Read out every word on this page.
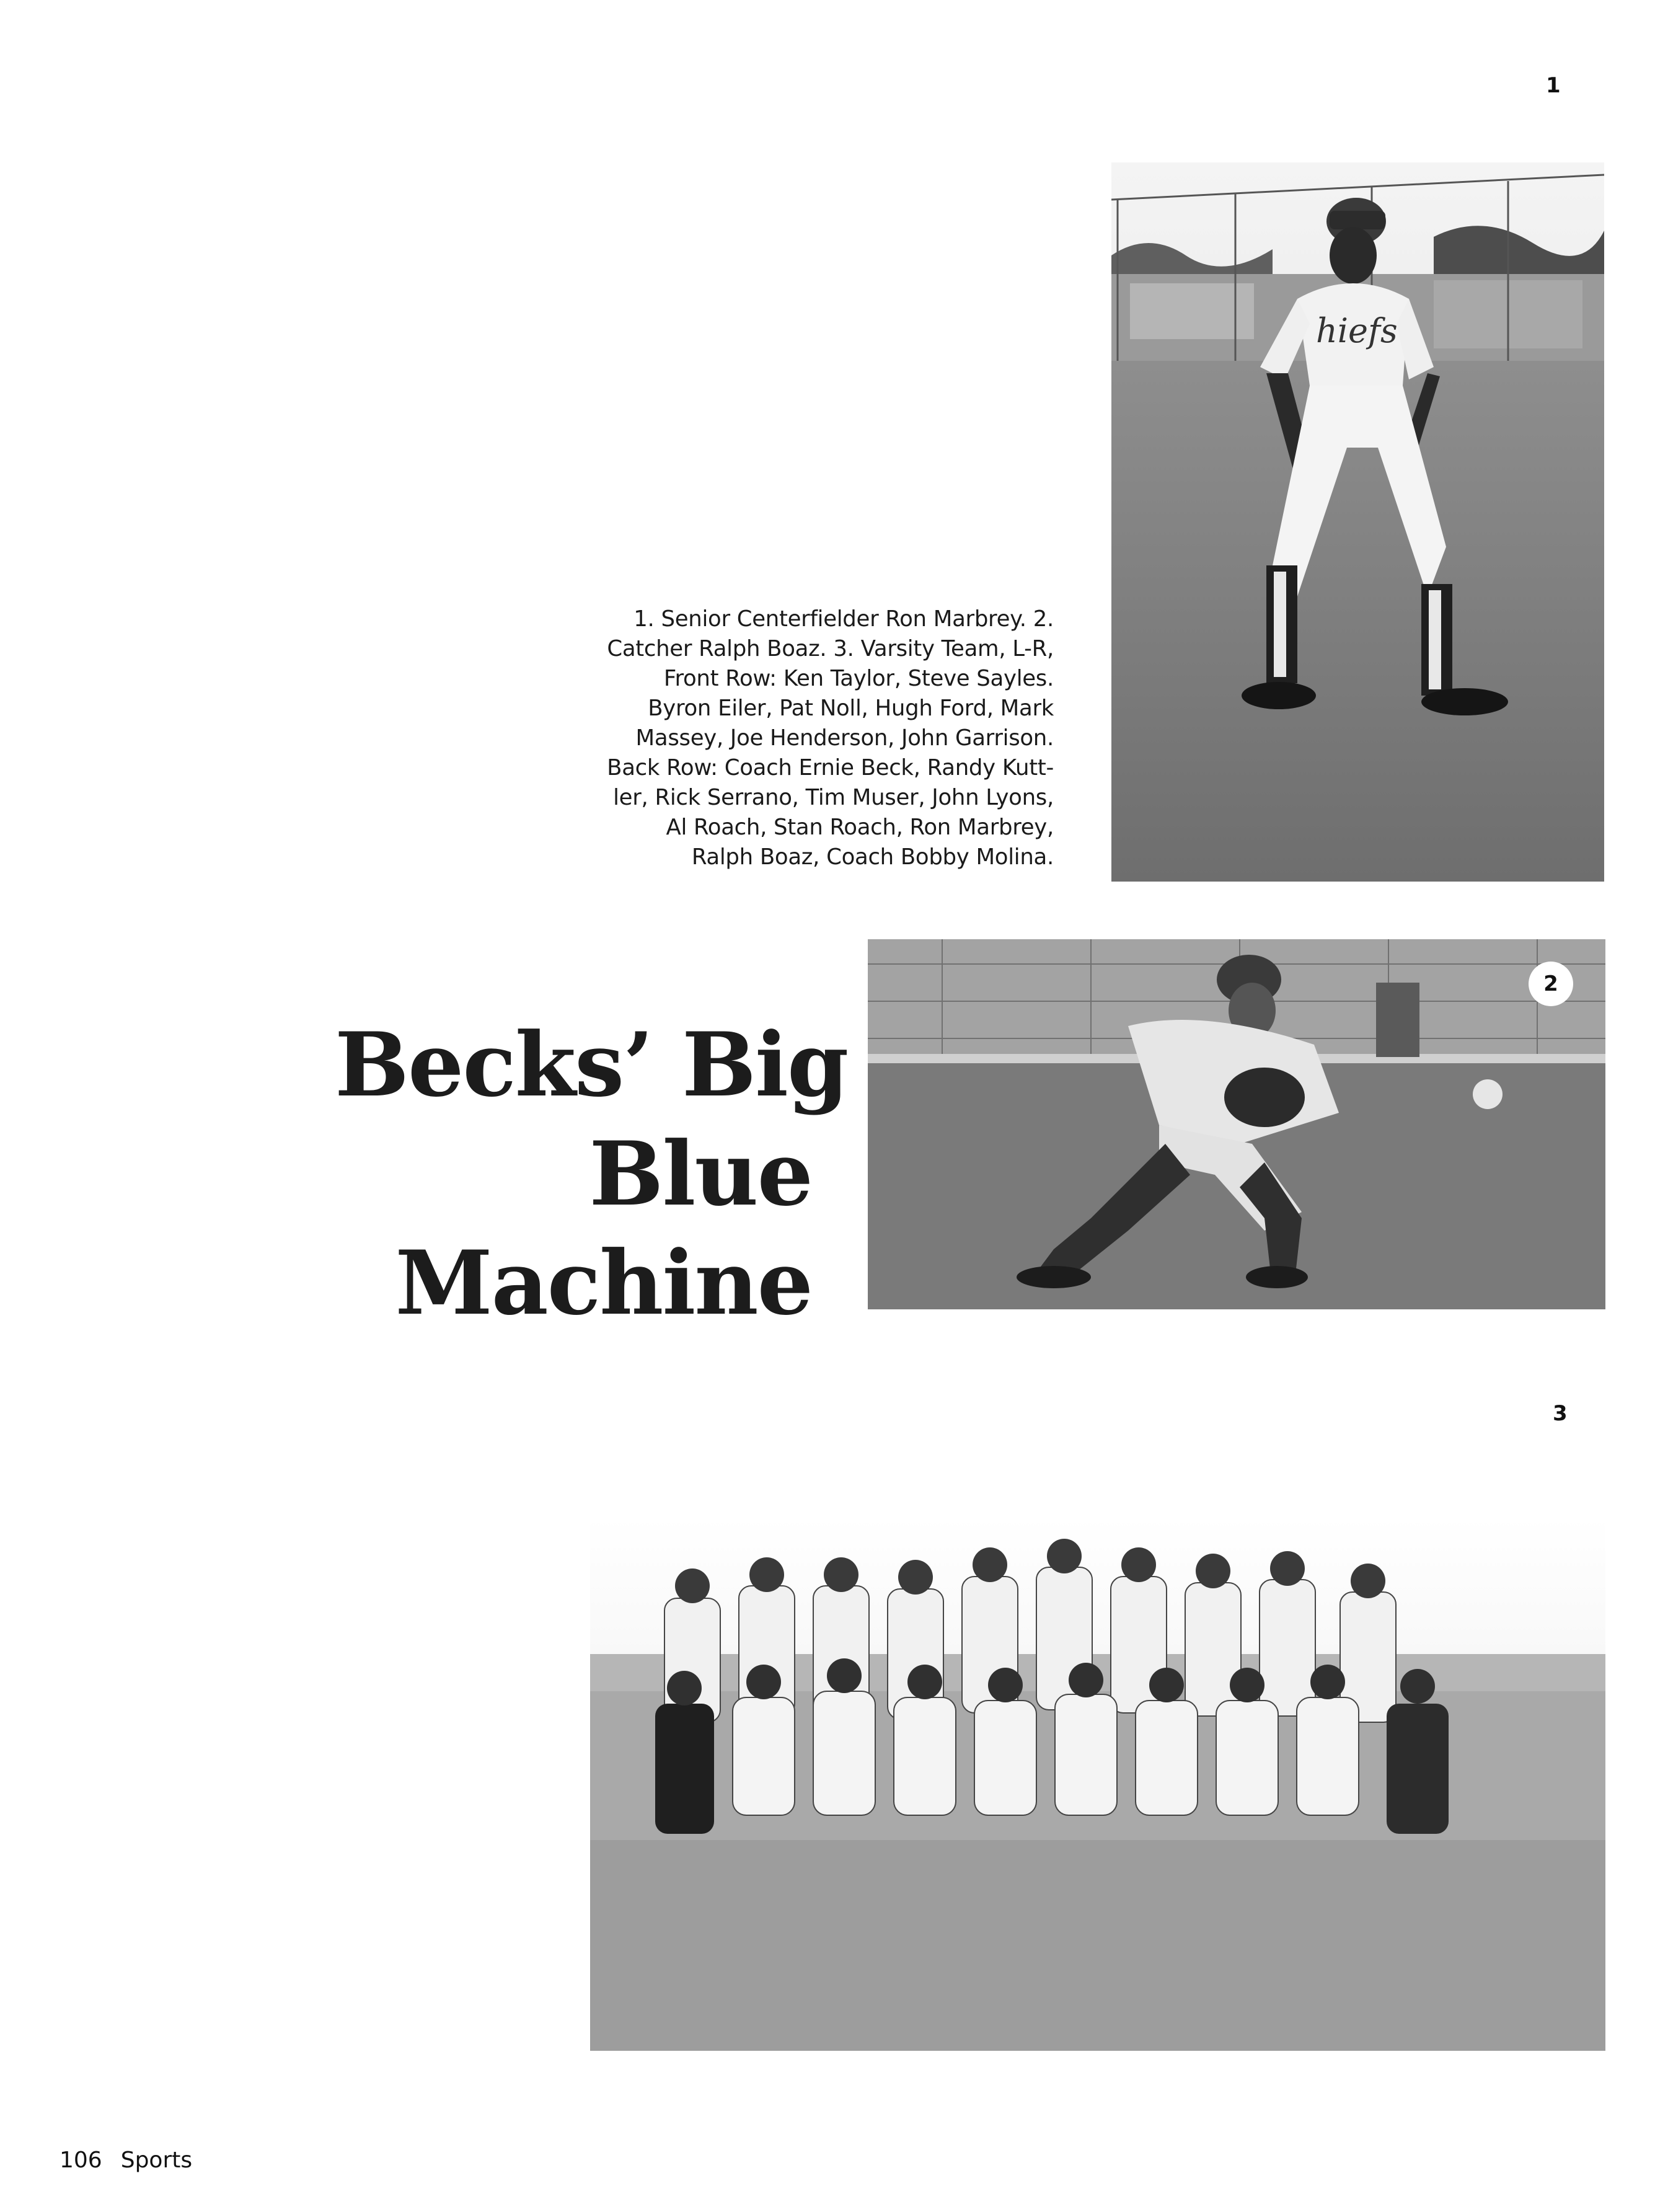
1
hiefs
1. Senior Centerfielder Ron Marbrey. 2.
Catcher Ralph Boaz. 3. Varsity Team, L-R,
Front Row: Ken Taylor, Steve Sayles.
Byron Eiler, Pat Noll, Hugh Ford, Mark
Massey, Joe Henderson, John Garrison.
Back Row: Coach Ernie Beck, Randy Kutt-
ler, Rick Serrano, Tim Muser, John Lyons,
Al Roach, Stan Roach, Ron Marbrey,
Ralph Boaz, Coach Bobby Molina.
2
Becks’ Big
Blue
Machine
3
106 Sports
